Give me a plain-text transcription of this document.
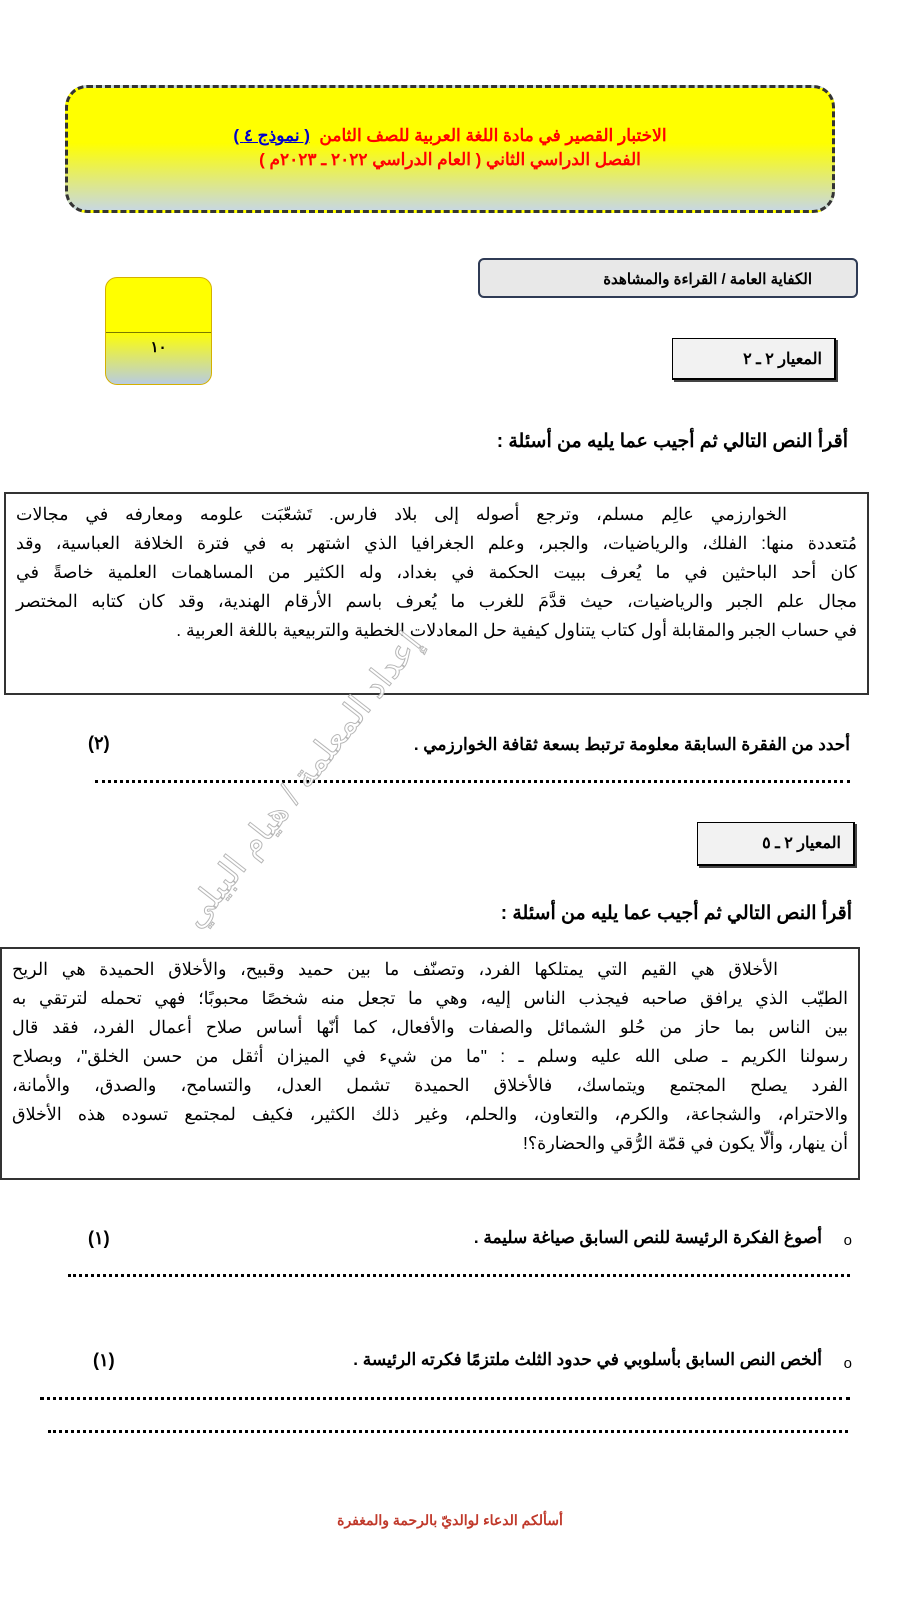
الاختبار القصير في مادة اللغة العربية للصف الثامن  ( نموذج ٤ )
الفصل الدراسي الثاني ( العام الدراسي ٢٠٢٢ ـ ٢٠٢٣م )
الكفاية العامة / القراءة والمشاهدة
١٠
المعيار ٢ ـ ٢
أقرأ النص التالي ثم أجيب عما يليه من أسئلة :
الخوارزمي عالِم مسلم، وترجع أصوله إلى بلاد فارس. تَشعّبَت علومه ومعارفه في مجالات
مُتعددة منها: الفلك، والرياضيات، والجبر، وعلم الجغرافيا الذي اشتهر به في فترة الخلافة العباسية، وقد
كان أحد الباحثين في ما يُعرف ببيت الحكمة في بغداد، وله الكثير من المساهمات العلمية خاصةً في
مجال علم الجبر والرياضيات، حيث قدَّمَ للغرب ما يُعرف باسم الأرقام الهندية، وقد كان كتابه المختصر
في حساب الجبر والمقابلة أول كتاب يتناول كيفية حل المعادلات الخطية والتربيعية باللغة العربية .
أحدد من الفقرة السابقة معلومة ترتبط بسعة ثقافة الخوارزمي .
(٢) إعداد المعلمة / هيام البيلي	المعيار ٢ ـ ٥
أقرأ النص التالي ثم أجيب عما يليه من أسئلة :
الأخلاق هي القيم التي يمتلكها الفرد، وتصنّف ما بين حميد وقبيح، والأخلاق الحميدة هي الريح
الطيّب الذي يرافق صاحبه فيجذب الناس إليه، وهي ما تجعل منه شخصًا محبوبًا؛ فهي تحمله لترتقي به
بين الناس بما حاز من حُلو الشمائل والصفات والأفعال، كما أنّها أساس صلاح أعمال الفرد، فقد قال
رسولنا الكريم ـ صلى الله عليه وسلم ـ : "ما من شيء في الميزان أثقل من حسن الخلق"، وبصلاح
الفرد يصلح المجتمع ويتماسك، فالأخلاق الحميدة تشمل العدل، والتسامح، والصدق، والأمانة،
والاحترام، والشجاعة، والكرم، والتعاون، والحلم، وغير ذلك الكثير، فكيف لمجتمع تسوده هذه الأخلاق
أن ينهار، وألّا يكون في قمّة الرُّقي والحضارة؟!
o
أصوغ الفكرة الرئيسة للنص السابق صياغة سليمة .
(١)
o
ألخص النص السابق بأسلوبي في حدود الثلث ملتزمًا فكرته الرئيسة .
(١)
أسألكم الدعاء لوالديّ بالرحمة والمغفرة
